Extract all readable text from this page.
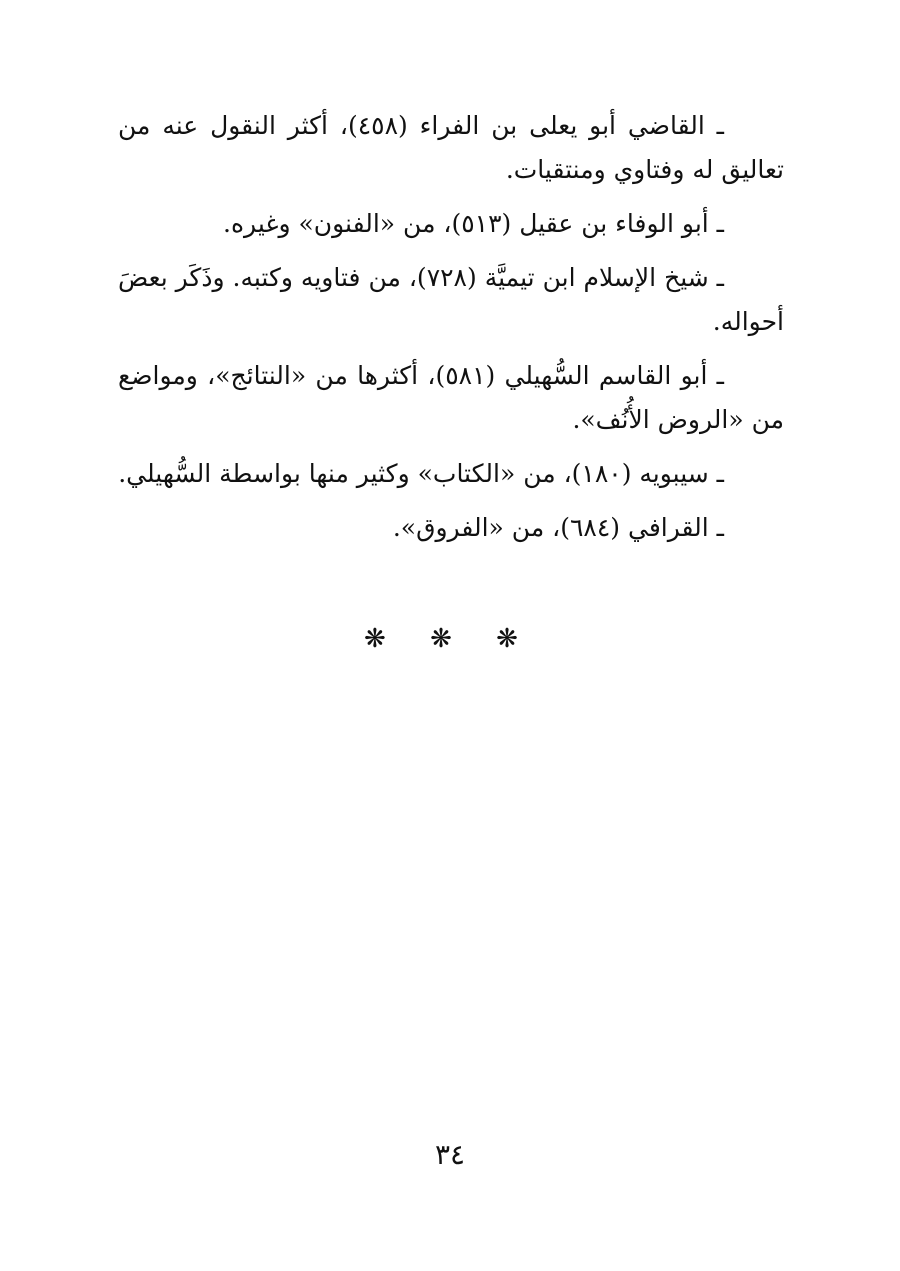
ـ القاضي أبو يعلى بن الفراء (٤٥٨)، أكثر النقول عنه من تعاليق له وفتاوي ومنتقيات.

ـ أبو الوفاء بن عقيل (٥١٣)، من «الفنون» وغيره.

ـ شيخ الإسلام ابن تيميَّة (٧٢٨)، من فتاويه وكتبه. وذَكَر بعضَ أحواله.

ـ أبو القاسم السُّهيلي (٥٨١)، أكثرها من «النتائج»، ومواضع من «الروض الأُنُف».

ـ سيبويه (١٨٠)، من «الكتاب» وكثير منها بواسطة السُّهيلي.

ـ القرافي (٦٨٤)، من «الفروق».

❋ ❋ ❋
٣٤
